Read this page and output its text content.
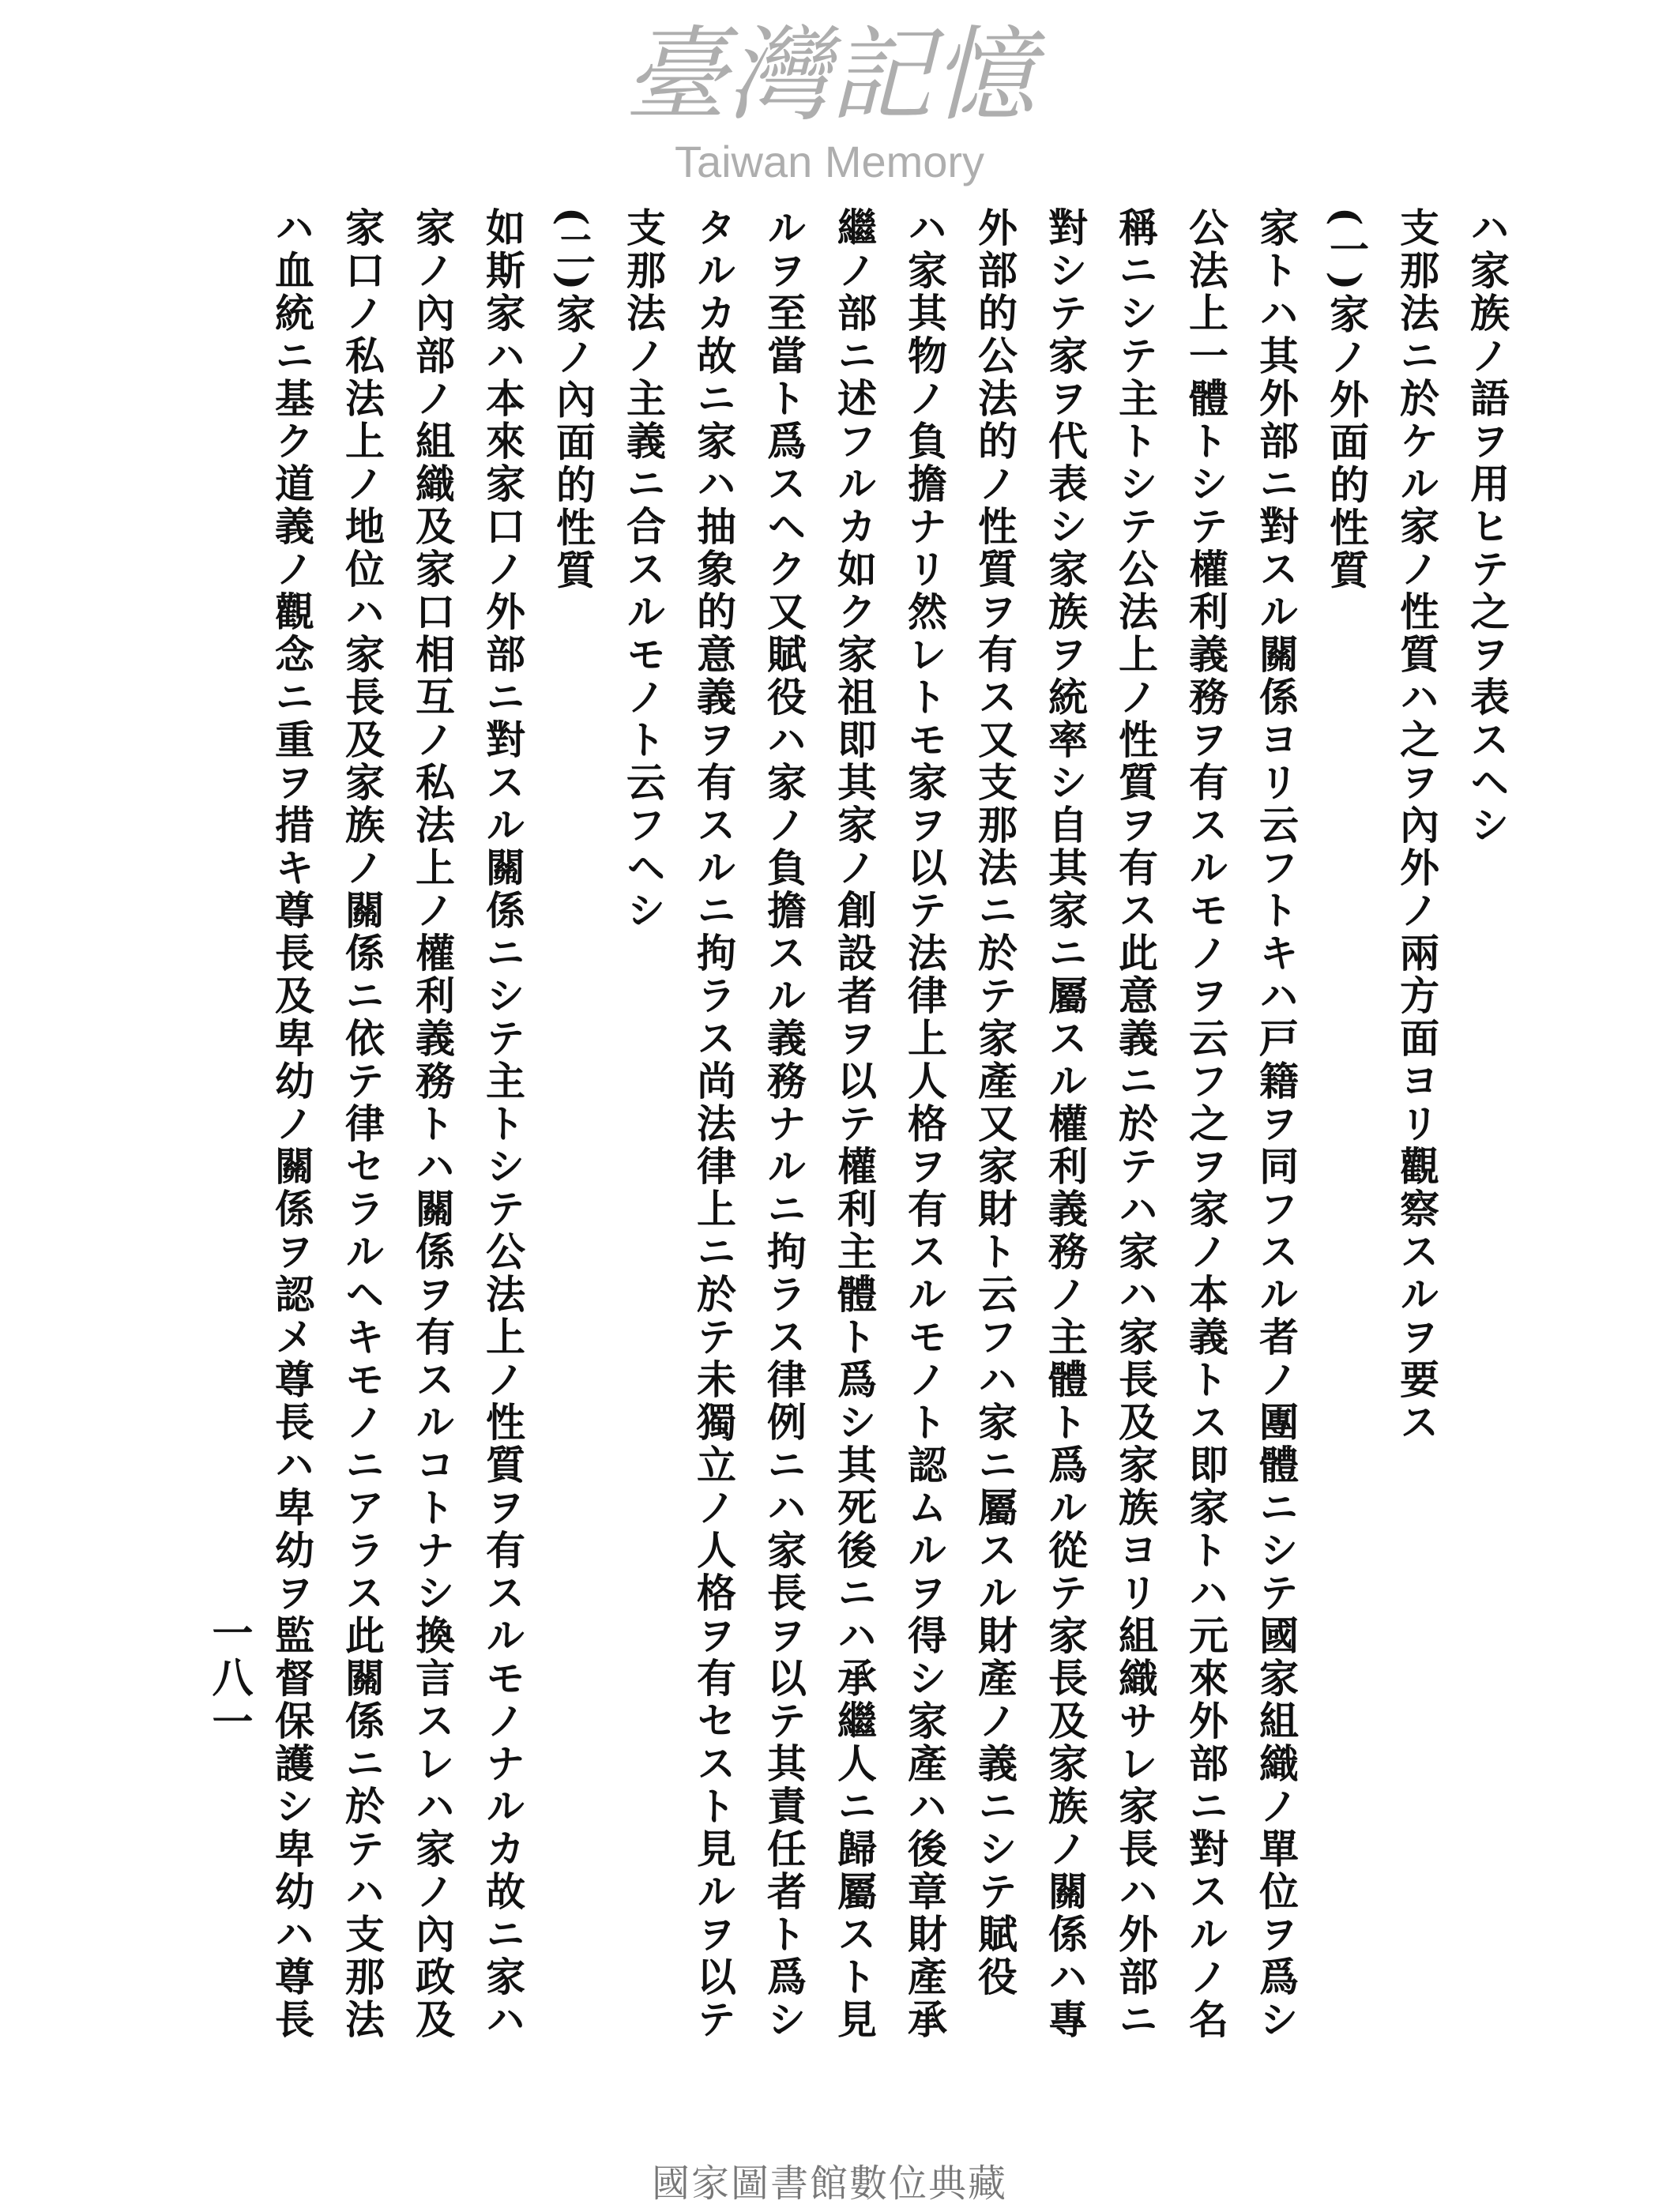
臺灣記憶
Taiwan Memory
ハ家族ノ語ヲ用ヒテ之ヲ表スヘシ
支那法ニ於ケル家ノ性質ハ之ヲ內外ノ兩方面ヨリ觀察スルヲ要ス
(一)家ノ外面的性質
家トハ其外部ニ對スル關係ヨリ云フトキハ戸籍ヲ同フスル者ノ團體ニシテ國家組織ノ單位ヲ爲シ
公法上一體トシテ權利義務ヲ有スルモノヲ云フ之ヲ家ノ本義トス即家トハ元來外部ニ對スルノ名
稱ニシテ主トシテ公法上ノ性質ヲ有ス此意義ニ於テハ家ハ家長及家族ヨリ組織サレ家長ハ外部ニ
對シテ家ヲ代表シ家族ヲ統率シ自其家ニ屬スル權利義務ノ主體ト爲ル從テ家長及家族ノ關係ハ專
外部的公法的ノ性質ヲ有ス又支那法ニ於テ家產又家財ト云フハ家ニ屬スル財產ノ義ニシテ賦役
ハ家其物ノ負擔ナリ然レトモ家ヲ以テ法律上人格ヲ有スルモノト認ムルヲ得シ家產ハ後章財產承
繼ノ部ニ述フルカ如ク家祖即其家ノ創設者ヲ以テ權利主體ト爲シ其死後ニハ承繼人ニ歸屬スト見
ルヲ至當ト爲スヘク又賦役ハ家ノ負擔スル義務ナルニ拘ラス律例ニハ家長ヲ以テ其責任者ト爲シ
タルカ故ニ家ハ抽象的意義ヲ有スルニ拘ラス尚法律上ニ於テ未獨立ノ人格ヲ有セスト見ルヲ以テ
支那法ノ主義ニ合スルモノト云フヘシ
(二)家ノ內面的性質
如斯家ハ本來家口ノ外部ニ對スル關係ニシテ主トシテ公法上ノ性質ヲ有スルモノナルカ故ニ家ハ
家ノ內部ノ組織及家口相互ノ私法上ノ權利義務トハ關係ヲ有スルコトナシ換言スレハ家ノ內政及
家口ノ私法上ノ地位ハ家長及家族ノ關係ニ依テ律セラルヘキモノニアラス此關係ニ於テハ支那法
ハ血統ニ基ク道義ノ觀念ニ重ヲ措キ尊長及卑幼ノ關係ヲ認メ尊長ハ卑幼ヲ監督保護シ卑幼ハ尊長
一八一
國家圖書館數位典藏
